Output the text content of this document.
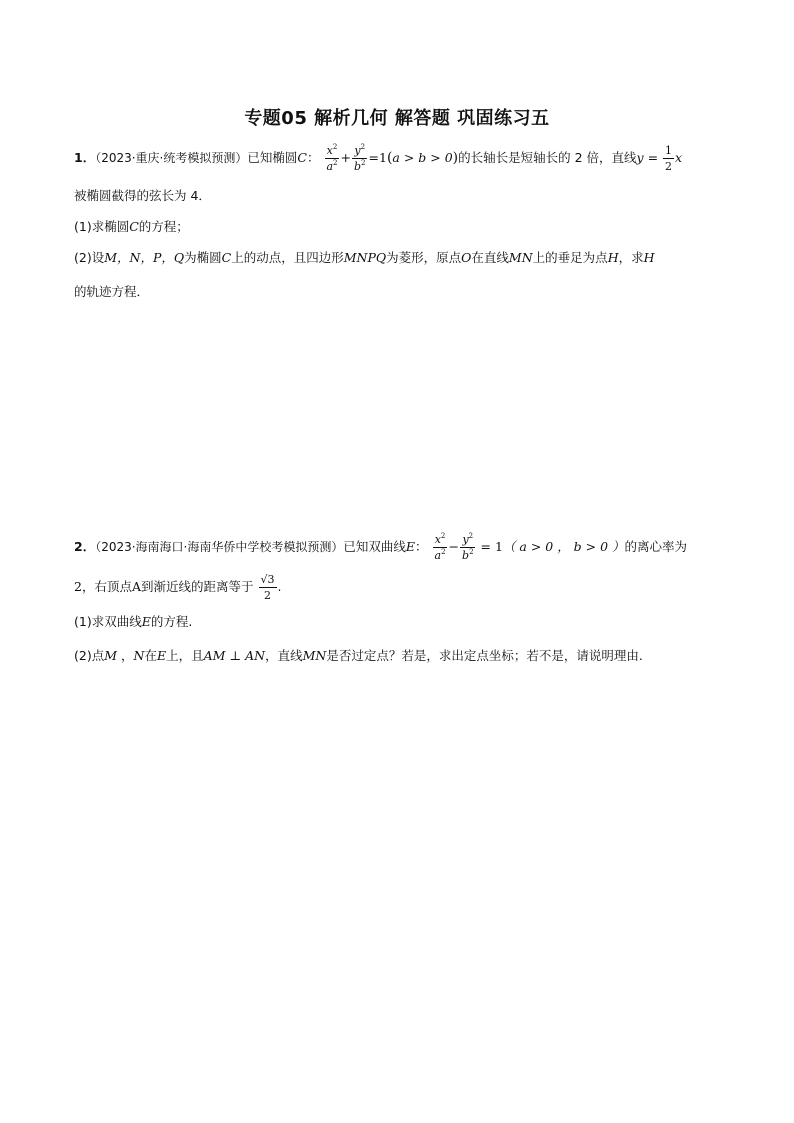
专题05 解析几何 解答题 巩固练习五
1．（2023·重庆·统考模拟预测）已知椭圆C： $\frac{x^2}{a^2} + \frac{y^2}{b^2} =1(a > b > 0)$的长轴长是短轴长的 2 倍，直线$y = \frac{1}{2}$ x
被椭圆截得的弦长为 4．
(1)求椭圆C的方程；
(2)设M，N，P，Q为椭圆C上的动点，且四边形MNPQ为菱形，原点O在直线MN上的垂足为点H，求H
的轨迹方程．
2．（2023·海南海口·海南华侨中学校考模拟预测）已知双曲线E： $\frac{x^2}{a^2} - \frac{y^2}{b^2} = 1$（ a > 0 ， b > 0 ）的离心率为
2，右顶点A到渐近线的距离等于 $\frac{√3}{2}$ .
(1)求双曲线E的方程.
(2)点M ，N在E上，且AM ⊥ AN，直线MN是否过定点？若是，求出定点坐标；若不是，请说明理由.
